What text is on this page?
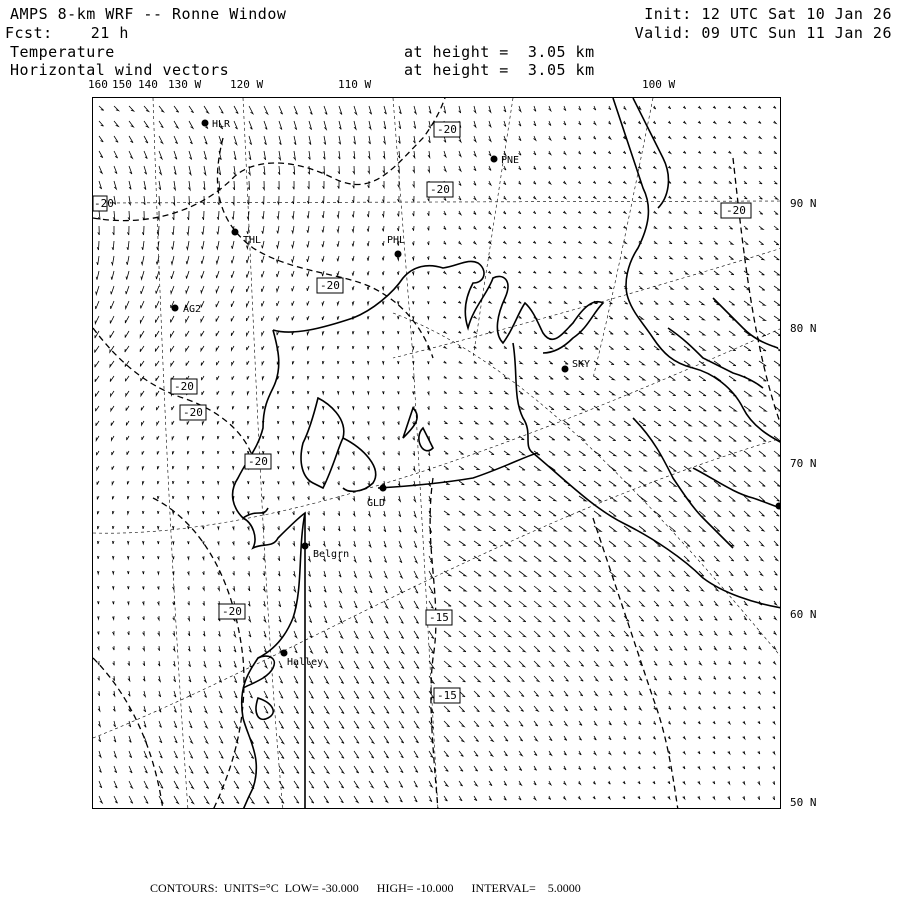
AMPS 8-km WRF -- Ronne Window
Fcst:    21 h
Temperature
Horizontal wind vectors
Init: 12 UTC Sat 10 Jan 26
Valid: 09 UTC Sun 11 Jan 26
at height =  3.05 km
at height =  3.05 km
160 150 140 130 W	120 W	110 W	100 W
90 N
80 N
70 N
60 N
50 N
HLR
PNE
THL	PHL
AG2
SKY
GLD
Belgrn
Halley
-20
-20
-20
-20
-20
-20
-20
-20	-15
-15
-20
CONTOURS:  UNITS=°C  LOW= -30.000      HIGH= -10.000      INTERVAL=    5.0000
